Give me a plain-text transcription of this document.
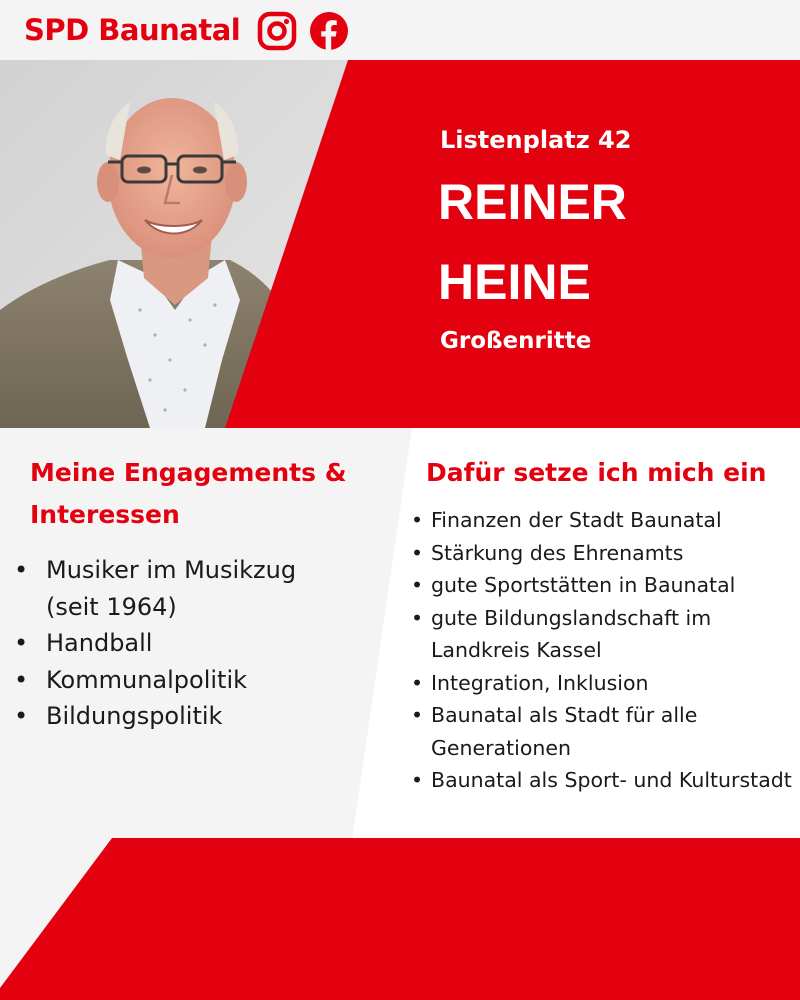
SPD Baunatal
Listenplatz 42
REINER
HEINE
Großenritte
Meine Engagements &
Interessen
• Musiker im Musikzug
(seit 1964)
• Handball
• Kommunalpolitik
• Bildungspolitik
Dafür setze ich mich ein
• Finanzen der Stadt Baunatal
• Stärkung des Ehrenamts
• gute Sportstätten in Baunatal
• gute Bildungslandschaft im
Landkreis Kassel
• Integration, Inklusion
• Baunatal als Stadt für alle
Generationen
• Baunatal als Sport- und Kulturstadt
